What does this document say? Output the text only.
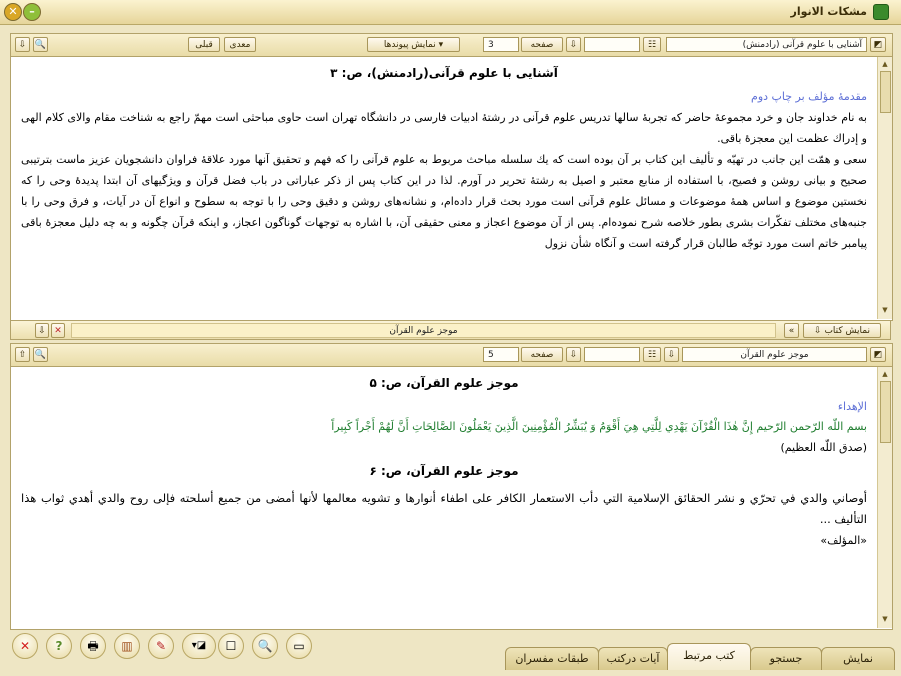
✕	–	مشکات الانوار
⇩ 🔍	قبلی	معدی	نمایش پیوندها ▾	3	صفحه	⇩	☷	آشنایی با علوم قرآنی (رادمنش)	◩
آشنایی با علوم قرآنی(رادمنش)، ص: ۳
مقدمهٔ مؤلف بر چاپ دوم
به نام خداوند جان و خرد مجموعهٔ حاضر که تجربهٔ سالها تدریس علوم قرآنی در رشتهٔ ادبیات فارسی در دانشگاه تهران است حاوی مباحثی است مهمّ راجع به شناخت مقام والای کلام الهی و إدراك عظمت این معجزهٔ باقی.
سعی و همّت این جانب در تهیّه و تألیف این کتاب بر آن بوده است که یك سلسله مباحث مربوط به علوم قرآنی را که فهم و تحقیق آنها مورد علاقهٔ فراوان دانشجویان عزیز ماست بترتیبی صحیح و بیانی روشن و فصیح، با استفاده از منابع معتبر و اصیل به رشتهٔ تحریر در آورم. لذا در این کتاب پس از ذکر عباراتی در باب فضل قرآن و ویژگیهای آن ابتدا پدیدهٔ وحی را که نخستین موضوع و اساس همهٔ موضوعات و مسائل علوم قرآنی است مورد بحث قرار داده‌ام، و نشانه‌های روشن و دقیق وحی را با توجه به سطوح و انواع آن در آیات، و فرق وحی را با جنبه‌های مختلف تفکّرات بشری بطور خلاصه شرح نموده‌ام. پس از آن موضوع اعجاز و معنی حقیقی آن، با اشاره به توجهات گوناگون اعجاز، و اینکه قرآن چگونه و به چه دلیل معجزهٔ باقی پیامبر خاتم است مورد توجّه طالبان قرار گرفته است و آنگاه شأن نزول
▲
▼
⇩ ✕	موجز علوم القرآن	⇩ نمایش کتاب
«
⇧ 🔍	5	صفحه	⇩	☷	⇩	موجز علوم القرآن	◩
موجز علوم القرآن، ص: ۵
الإهداء
بسم اللّه الرّحمن الرّحيم إِنَّ هٰذَا الْقُرْآنَ يَهْدِي لِلَّتِي هِيَ أَقْوَمُ وَ يُبَشِّرُ الْمُؤْمِنِينَ الَّذِينَ يَعْمَلُونَ الصَّالِحَاتِ أَنَّ لَهُمْ أَجْراً كَبِيراً
(صدق اللّه العظيم)
موجز علوم القرآن، ص: ۶
أوصاني والدي في تحرّي و نشر الحقائق الإسلامية التي دأب الاستعمار الكافر على اطفاء أنوارها و تشويه معالمها لأنها أمضى من جميع أسلحته فإلى روح والدي أهدي ثواب هذا التأليف ...
«المؤلف»
▲
▼
✕	?	🖶	▥	✎	▾◪	☐	🔍	▭
نمایش
جستجو
کتب مرتبط
آیات درکتب
طبقات مفسران
